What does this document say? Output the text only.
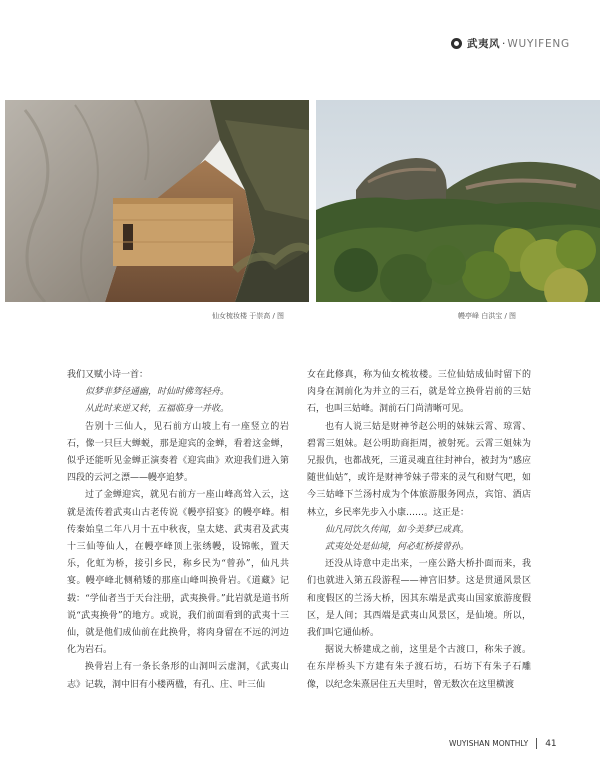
武夷风 · WUYIFENG
仙女梳妆楼 于崇高 / 图	幔亭峰 白洪宝 / 图

我们又赋小诗一首：

似梦非梦径通幽，时仙时佛驾轻舟。

从此时来逆又转，五福临身一并收。

告别十三仙人，见石前方山坡上有一座竖立的岩石，像一只巨大蝉蜕，那是迎宾的金蝉，看着这金蝉，似乎还能听见金蝉正演奏着《迎宾曲》欢迎我们进入第四段的云河之漂——幔亭追梦。

过了金蝉迎宾，就见右前方一座山峰高耸入云，这就是流传着武夷山古老传说《幔亭招宴》的幔亭峰。相传秦始皇二年八月十五中秋夜，皇太姥、武夷君及武夷十三仙等仙人，在幔亭峰顶上张绣幔，设锦帐，置天乐，化虹为桥，接引乡民，称乡民为“曾孙”，仙凡共宴。幔亭峰北侧稍矮的那座山峰叫换骨岩。《道藏》记载：“学仙者当于天台注册，武夷换骨。”此岩就是道书所说“武夷换骨”的地方。或说，我们前面看到的武夷十三仙，就是他们成仙前在此换骨，将肉身留在不远的河边化为岩石。

换骨岩上有一条长条形的山洞叫云虚洞，《武夷山志》记载，洞中旧有小楼两楹，有孔、庄、叶三仙

女在此修真，称为仙女梳妆楼。三位仙姑成仙时留下的肉身在洞前化为并立的三石，就是耸立换骨岩前的三姑石，也叫三姑峰。洞前石门尚清晰可见。

也有人说三姑是财神爷赵公明的妹妹云霄、琼霄、碧霄三姐妹。赵公明助商拒周，被射死。云霄三姐妹为兄报仇，也都战死，三道灵魂直往封神台，被封为“感应随世仙姑”，或许是财神爷妹子带来的灵气和财气吧，如今三姑峰下兰汤村成为个体旅游服务网点，宾馆、酒店林立，乡民率先步入小康……。这正是：

仙凡同饮久传闻，如今美梦已成真。

武夷处处是仙境，何必虹桥接曾孙。

还没从诗意中走出来，一座公路大桥扑面而来，我们也就进入第五段游程——神宫旧梦。这是贯通风景区和度假区的兰汤大桥，因其东端是武夷山国家旅游度假区，是人间；其西端是武夷山风景区，是仙境。所以，我们叫它通仙桥。

据说大桥建成之前，这里是个古渡口，称朱子渡。在东岸桥头下方建有朱子渡石坊，石坊下有朱子石雕像，以纪念朱熹居住五夫里时，曾无数次在这里横渡

WUYISHAN MONTHLY 41
